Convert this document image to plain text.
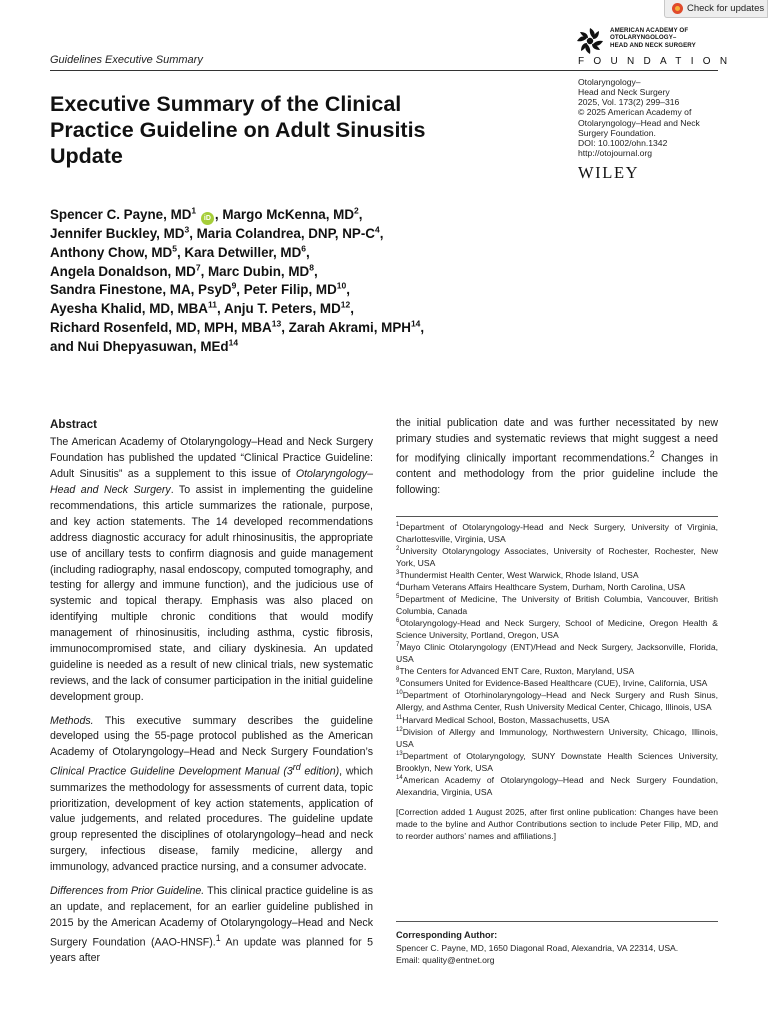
Check for updates
Guidelines Executive Summary
AMERICAN ACADEMY OF
OTOLARYNGOLOGY–
HEAD AND NECK SURGERY
FOUNDATION
Otolaryngology–
Head and Neck Surgery
2025, Vol. 173(2) 299–316
© 2025 American Academy of
Otolaryngology–Head and Neck
Surgery Foundation.
DOI: 10.1002/ohn.1342
http://otojournal.org
WILEY
Executive Summary of the Clinical Practice Guideline on Adult Sinusitis Update
Spencer C. Payne, $MD^1$ iD , Margo McKenna, $MD^2$,
Jennifer Buckley, $MD^3$, Maria Colandrea, DNP, $NP-C^4$,
Anthony Chow, $MD^5$, Kara Detwiller, $MD^6$,
Angela Donaldson, $MD^7$, Marc Dubin, $MD^8$,
Sandra Finestone, MA, PsyD$^9$, Peter Filip, MD$^{10}$,
Ayesha Khalid, MD, MBA$^{11}$, Anju T. Peters, MD$^{12}$,
Richard Rosenfeld, MD, MPH, MBA$^{13}$, Zarah Akrami, MPH$^{14}$,
and Nui Dhepyasuwan, MEd$^{14}$
Abstract

The American Academy of Otolaryngology–Head and Neck Surgery Foundation has published the updated “Clinical Practice Guideline: Adult Sinusitis” as a supplement to this issue of Otolaryngology–Head and Neck Surgery. To assist in implementing the guideline recommendations, this article summarizes the rationale, purpose, and key action statements. The 14 developed recommendations address diagnostic accuracy for adult rhinosinusitis, the appropriate use of ancillary tests to confirm diagnosis and guide management (including radiography, nasal endoscopy, computed tomography, and testing for allergy and immune function), and the judicious use of systemic and topical therapy. Emphasis was also placed on identifying multiple chronic conditions that would modify management of rhinosinusitis, including asthma, cystic fibrosis, immunocompromised state, and ciliary dyskinesia. An updated guideline is needed as a result of new clinical trials, new systematic reviews, and the lack of consumer participation in the initial guideline development group.

Methods. This executive summary describes the guideline developed using the 55-page protocol published as the American Academy of Otolaryngology–Head and Neck Surgery Foundation’s Clinical Practice Guideline Development Manual (3rd edition), which summarizes the methodology for assessments of current data, topic prioritization, development of key action statements, application of value judgements, and related procedures. The guideline update group represented the disciplines of otolaryngology–head and neck surgery, infectious disease, family medicine, allergy and immunology, advanced practice nursing, and a consumer advocate.

Differences from Prior Guideline. This clinical practice guideline is as an update, and replacement, for an earlier guideline published in 2015 by the American Academy of Otolaryngology–Head and Neck Surgery Foundation (AAO-HNSF).$^1$ An update was planned for 5 years after

the initial publication date and was further necessitated by new primary studies and systematic reviews that might suggest a need for modifying clinically important recommendations.$^2$ Changes in content and methodology from the prior guideline include the following:

$^1$Department of Otolaryngology-Head and Neck Surgery, University of Virginia, Charlottesville, Virginia, USA
$^2$University Otolaryngology Associates, University of Rochester, Rochester, New York, USA
$^3$Thundermist Health Center, West Warwick, Rhode Island, USA
$^4$Durham Veterans Affairs Healthcare System, Durham, North Carolina, USA
$^5$Department of Medicine, The University of British Columbia, Vancouver, British Columbia, Canada
$^6$Otolaryngology-Head and Neck Surgery, School of Medicine, Oregon Health & Science University, Portland, Oregon, USA
$^7$Mayo Clinic Otolaryngology (ENT)/Head and Neck Surgery, Jacksonville, Florida, USA
$^8$The Centers for Advanced ENT Care, Ruxton, Maryland, USA
$^9$Consumers United for Evidence-Based Healthcare (CUE), Irvine, California, USA
$^{10}$Department of Otorhinolaryngology–Head and Neck Surgery and Rush Sinus, Allergy, and Asthma Center, Rush University Medical Center, Chicago, Illinois, USA
$^{11}$Harvard Medical School, Boston, Massachusetts, USA
$^{12}$Division of Allergy and Immunology, Northwestern University, Chicago, Illinois, USA
$^{13}$Department of Otolaryngology, SUNY Downstate Health Sciences University, Brooklyn, New York, USA
$^{14}$American Academy of Otolaryngology–Head and Neck Surgery Foundation, Alexandria, Virginia, USA
[Correction added 1 August 2025, after first online publication: Changes have been made to the byline and Author Contributions section to include Peter Filip, MD, and to reorder authors’ names and affiliations.]
Corresponding Author:
Spencer C. Payne, MD, 1650 Diagonal Road, Alexandria, VA 22314, USA.
Email: quality@entnet.org
